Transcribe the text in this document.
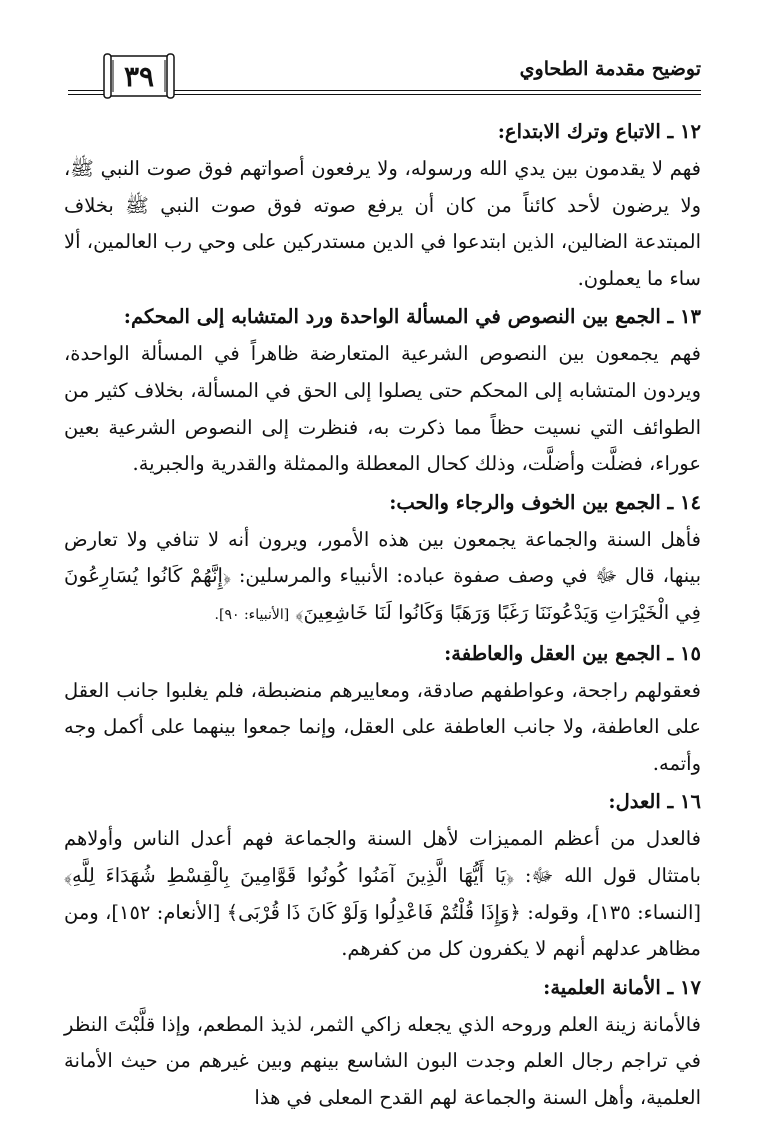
توضيح مقدمة الطحاوي
٣٩

١٢ ـ الاتباع وترك الابتداع:

فهم لا يقدمون بين يدي الله ورسوله، ولا يرفعون أصواتهم فوق صوت النبي ﷺ، ولا يرضون لأحد كائناً من كان أن يرفع صوته فوق صوت النبي ﷺ بخلاف المبتدعة الضالين، الذين ابتدعوا في الدين مستدركين على وحي رب العالمين، ألا ساء ما يعملون.

١٣ ـ الجمع بين النصوص في المسألة الواحدة ورد المتشابه إلى المحكم:

فهم يجمعون بين النصوص الشرعية المتعارضة ظاهراً في المسألة الواحدة، ويردون المتشابه إلى المحكم حتى يصلوا إلى الحق في المسألة، بخلاف كثير من الطوائف التي نسيت حظاً مما ذكرت به، فنظرت إلى النصوص الشرعية بعين عوراء، فضلَّت وأضلَّت، وذلك كحال المعطلة والممثلة والقدرية والجبرية.

١٤ ـ الجمع بين الخوف والرجاء والحب:

فأهل السنة والجماعة يجمعون بين هذه الأمور، ويرون أنه لا تنافي ولا تعارض بينها، قال ﷻ في وصف صفوة عباده: الأنبياء والمرسلين: ﴿إِنَّهُمْ كَانُوا يُسَارِعُونَ فِي الْخَيْرَاتِ وَيَدْعُونَنَا رَغَبًا وَرَهَبًا وَكَانُوا لَنَا خَاشِعِينَ﴾ [الأنبياء: ٩٠].

١٥ ـ الجمع بين العقل والعاطفة:

فعقولهم راجحة، وعواطفهم صادقة، ومعاييرهم منضبطة، فلم يغلبوا جانب العقل على العاطفة، ولا جانب العاطفة على العقل، وإنما جمعوا بينهما على أكمل وجه وأتمه.

١٦ ـ العدل:

فالعدل من أعظم المميزات لأهل السنة والجماعة فهم أعدل الناس وأولاهم بامتثال قول الله ﷻ: ﴿يَا أَيُّهَا الَّذِينَ آمَنُوا كُونُوا قَوَّامِينَ بِالْقِسْطِ شُهَدَاءَ لِلَّهِ﴾ [النساء: ١٣٥]، وقوله: ﴿وَإِذَا قُلْتُمْ فَاعْدِلُوا وَلَوْ كَانَ ذَا قُرْبَى﴾ [الأنعام: ١٥٢]، ومن مظاهر عدلهم أنهم لا يكفرون كل من كفرهم.

١٧ ـ الأمانة العلمية:

فالأمانة زينة العلم وروحه الذي يجعله زاكي الثمر، لذيذ المطعم، وإذا قلَّبْتَ النظر في تراجم رجال العلم وجدت البون الشاسع بينهم وبين غيرهم من حيث الأمانة العلمية، وأهل السنة والجماعة لهم القدح المعلى في هذا
